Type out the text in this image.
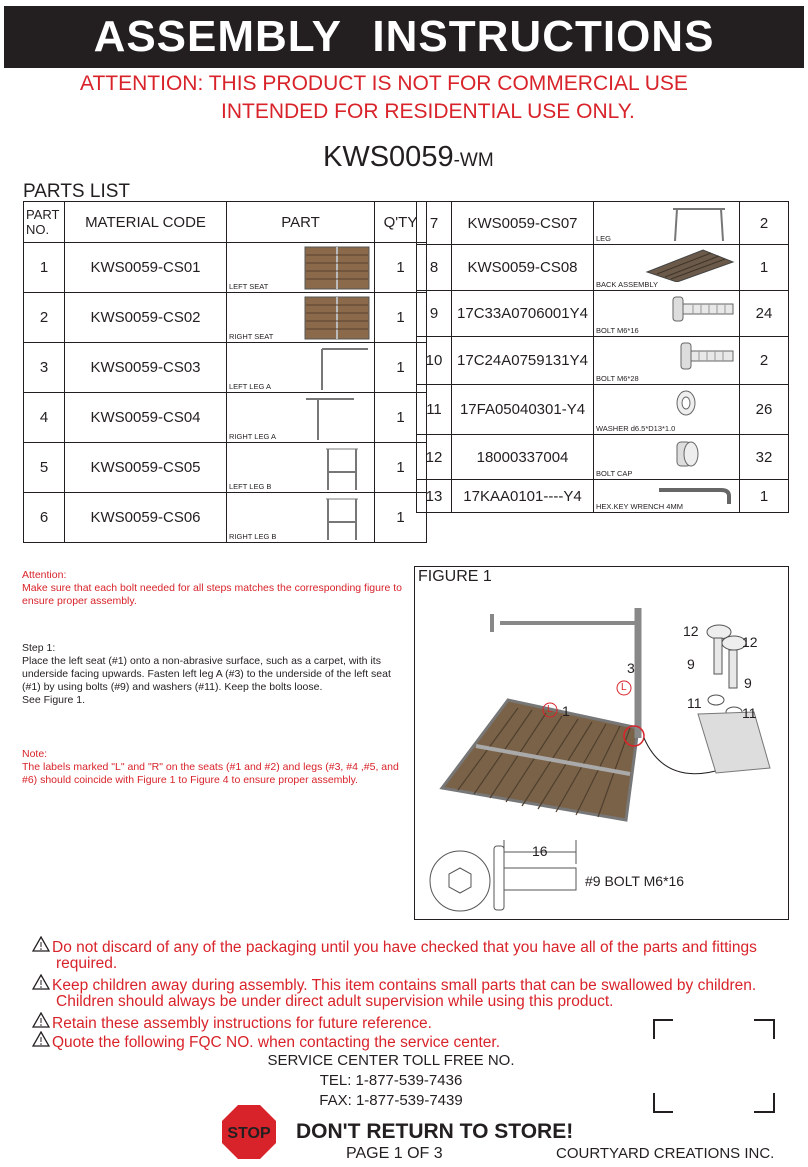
ASSEMBLY INSTRUCTIONS
ATTENTION: THIS PRODUCT IS NOT FOR COMMERCIAL USE
INTENDED FOR RESIDENTIAL USE ONLY.
KWS0059-WM
PARTS LIST
PART NO.	MATERIAL CODE	PART	Q'TY
1	KWS0059-CS01	LEFT SEAT	1
2	KWS0059-CS02	RIGHT SEAT	1
3	KWS0059-CS03	LEFT LEG A	1
4	KWS0059-CS04	RIGHT LEG A	1
5	KWS0059-CS05	LEFT LEG B	1
6	KWS0059-CS06	RIGHT LEG B	1
7	KWS0059-CS07	LEG	2
8	KWS0059-CS08	BACK ASSEMBLY	1
9	17C33A0706001Y4	BOLT M6*16	24
10	17C24A0759131Y4	BOLT M6*28	2
11	17FA05040301-Y4	WASHER d6.5*D13*1.0	26
12	18000337004	BOLT CAP	32
13	17KAA0101----Y4	HEX.KEY WRENCH 4MM	1
Attention:
Make sure that each bolt needed for all steps matches the corresponding figure to ensure proper assembly.
Step 1:
Place the left seat (#1) onto a non-abrasive surface, such as a carpet, with its underside facing upwards. Fasten left leg A (#3) to the underside of the left seat (#1) by using bolts (#9) and washers (#11). Keep the bolts loose.
See Figure 1.
Note:
The labels marked "L" and "R" on the seats (#1 and #2) and legs (#3, #4 ,#5, and #6) should coincide with Figure 1 to Figure 4 to ensure proper assembly.
FIGURE 1
3
1
12
12
9
9
11
11
L
L
16
#9 BOLT M6*16
Do not discard of any of the packaging until you have checked that you have all of the parts and fittings
required.
Keep children away during assembly. This item contains small parts that can be swallowed by children.
Children should always be under direct adult supervision while using this product.
Retain these assembly instructions for future reference.
Quote the following FQC NO. when contacting the service center.
SERVICE CENTER TOLL FREE NO.
TEL: 1-877-539-7436
FAX: 1-877-539-7439
STOP DON'T RETURN TO STORE!
PAGE 1 OF 3	COURTYARD CREATIONS INC.
